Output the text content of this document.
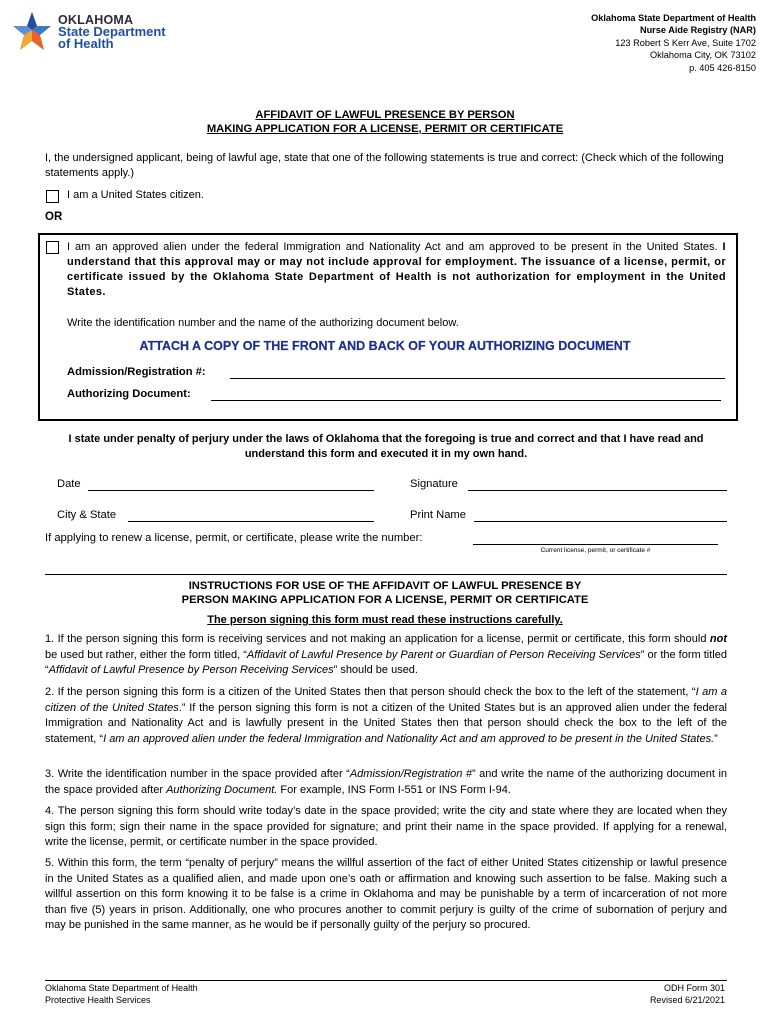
OKLAHOMA
State Department
of Health
Oklahoma State Department of Health
Nurse Aide Registry (NAR)
123 Robert S Kerr Ave, Suite 1702
Oklahoma City, OK 73102
p. 405 426-8150
AFFIDAVIT OF LAWFUL PRESENCE BY PERSON
MAKING APPLICATION FOR A LICENSE, PERMIT OR CERTIFICATE
I, the undersigned applicant, being of lawful age, state that one of the following statements is true and correct: (Check which of the following statements apply.)
I am a United States citizen.
OR
I am an approved alien under the federal Immigration and Nationality Act and am approved to be present in the United States. I understand that this approval may or may not include approval for employment. The issuance of a license, permit, or certificate issued by the Oklahoma State Department of Health is not authorization for employment in the United States.
Write the identification number and the name of the authorizing document below.
ATTACH A COPY OF THE FRONT AND BACK OF YOUR AUTHORIZING DOCUMENT
Admission/Registration #:
Authorizing Document:
I state under penalty of perjury under the laws of Oklahoma that the foregoing is true and correct and that I have read and understand this form and executed it in my own hand.
Date	Signature
City & State	Print Name
If applying to renew a license, permit, or certificate, please write the number:
Current license, permit, or certificate #
INSTRUCTIONS FOR USE OF THE AFFIDAVIT OF LAWFUL PRESENCE BY
PERSON MAKING APPLICATION FOR A LICENSE, PERMIT OR CERTIFICATE
The person signing this form must read these instructions carefully.
1. If the person signing this form is receiving services and not making an application for a license, permit or certificate, this form should not be used but rather, either the form titled, “Affidavit of Lawful Presence by Parent or Guardian of Person Receiving Services” or the form titled “Affidavit of Lawful Presence by Person Receiving Services” should be used.
2. If the person signing this form is a citizen of the United States then that person should check the box to the left of the statement, “I am a citizen of the United States.” If the person signing this form is not a citizen of the United States but is an approved alien under the federal Immigration and Nationality Act and is lawfully present in the United States then that person should check the box to the left of the statement, “I am an approved alien under the federal Immigration and Nationality Act and am approved to be present in the United States.”
3. Write the identification number in the space provided after “Admission/Registration #” and write the name of the authorizing document in the space provided after Authorizing Document. For example, INS Form I-551 or INS Form I-94.
4. The person signing this form should write today’s date in the space provided; write the city and state where they are located when they sign this form; sign their name in the space provided for signature; and print their name in the space provided. If applying for a renewal, write the license, permit, or certificate number in the space provided.
5. Within this form, the term “penalty of perjury” means the willful assertion of the fact of either United States citizenship or lawful presence in the United States as a qualified alien, and made upon one’s oath or affirmation and knowing such assertion to be false. Making such a willful assertion on this form knowing it to be false is a crime in Oklahoma and may be punishable by a term of incarceration of not more than five (5) years in prison. Additionally, one who procures another to commit perjury is guilty of the crime of subornation of perjury and may be punished in the same manner, as he would be if personally guilty of the perjury so procured.
Oklahoma State Department of Health
Protective Health Services
ODH Form 301
Revised 6/21/2021
